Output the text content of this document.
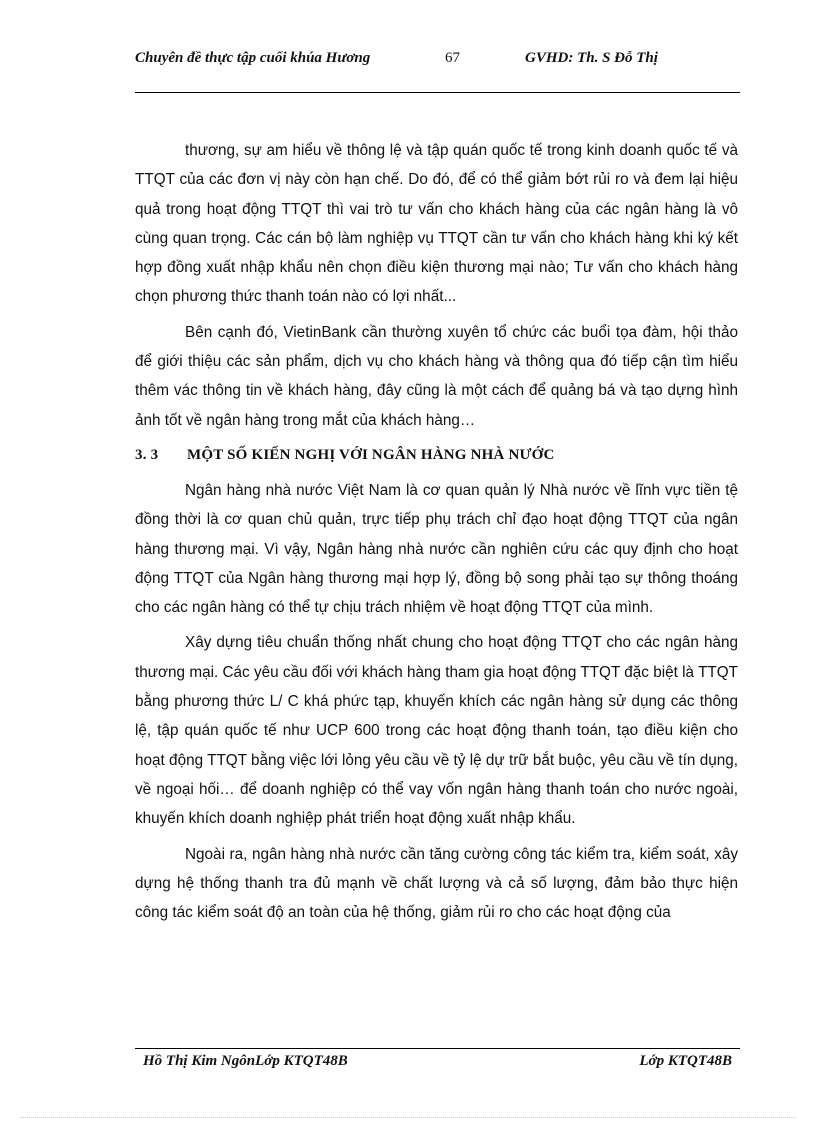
Chuyên đề thực tập cuối khúa Hương	67	GVHD: Th. S Đỗ Thị

thương, sự am hiểu về thông lệ và tập quán quốc tế trong kinh doanh quốc tế và TTQT của các đơn vị này còn hạn chế. Do đó, để có thể giảm bớt rủi ro và đem lại hiệu quả trong hoạt động TTQT thì vai trò tư vấn cho khách hàng của các ngân hàng là vô cùng quan trọng. Các cán bộ làm nghiệp vụ TTQT cần tư vấn cho khách hàng khi ký kết hợp đồng xuất nhập khẩu nên chọn điều kiện thương mại nào; Tư vấn cho khách hàng chọn phương thức thanh toán nào có lợi nhất...

Bên cạnh đó, VietinBank cần thường xuyên tổ chức các buổi tọa đàm, hội thảo để giới thiệu các sản phẩm, dịch vụ cho khách hàng và thông qua đó tiếp cận tìm hiểu thêm vác thông tin về khách hàng, đây cũng là một cách để quảng bá và tạo dựng hình ảnh tốt về ngân hàng trong mắt của khách hàng…

3. 3 MỘT SỐ KIẾN NGHỊ VỚI NGÂN HÀNG NHÀ NƯỚC

Ngân hàng nhà nước Việt Nam là cơ quan quản lý Nhà nước về lĩnh vực tiền tệ đồng thời là cơ quan chủ quản, trực tiếp phụ trách chỉ đạo hoạt động TTQT của ngân hàng thương mại. Vì vậy, Ngân hàng nhà nước cần nghiên cứu các quy định cho hoạt động TTQT của Ngân hàng thương mại hợp lý, đồng bộ song phải tạo sự thông thoáng cho các ngân hàng có thể tự chịu trách nhiệm về hoạt động TTQT của mình.

Xây dựng tiêu chuẩn thống nhất chung cho hoạt động TTQT cho các ngân hàng thương mại. Các yêu cầu đối với khách hàng tham gia hoạt động TTQT đặc biệt là TTQT bằng phương thức L/ C khá phức tạp, khuyến khích các ngân hàng sử dụng các thông lệ, tập quán quốc tế như UCP 600 trong các hoạt động thanh toán, tạo điều kiện cho hoạt động TTQT bằng việc lới lỏng yêu cầu về tỷ lệ dự trữ bắt buộc, yêu cầu về tín dụng, về ngoại hối… để doanh nghiệp có thể vay vốn ngân hàng thanh toán cho nước ngoài, khuyến khích doanh nghiệp phát triển hoạt động xuất nhập khẩu.

Ngoài ra, ngân hàng nhà nước cần tăng cường công tác kiểm tra, kiểm soát, xây dựng hệ thống thanh tra đủ mạnh về chất lượng và cả số lượng, đảm bảo thực hiện công tác kiểm soát độ an toàn của hệ thống, giảm rủi ro cho các hoạt động của

Hồ Thị Kim NgônLớp KTQT48B	Lớp KTQT48B
